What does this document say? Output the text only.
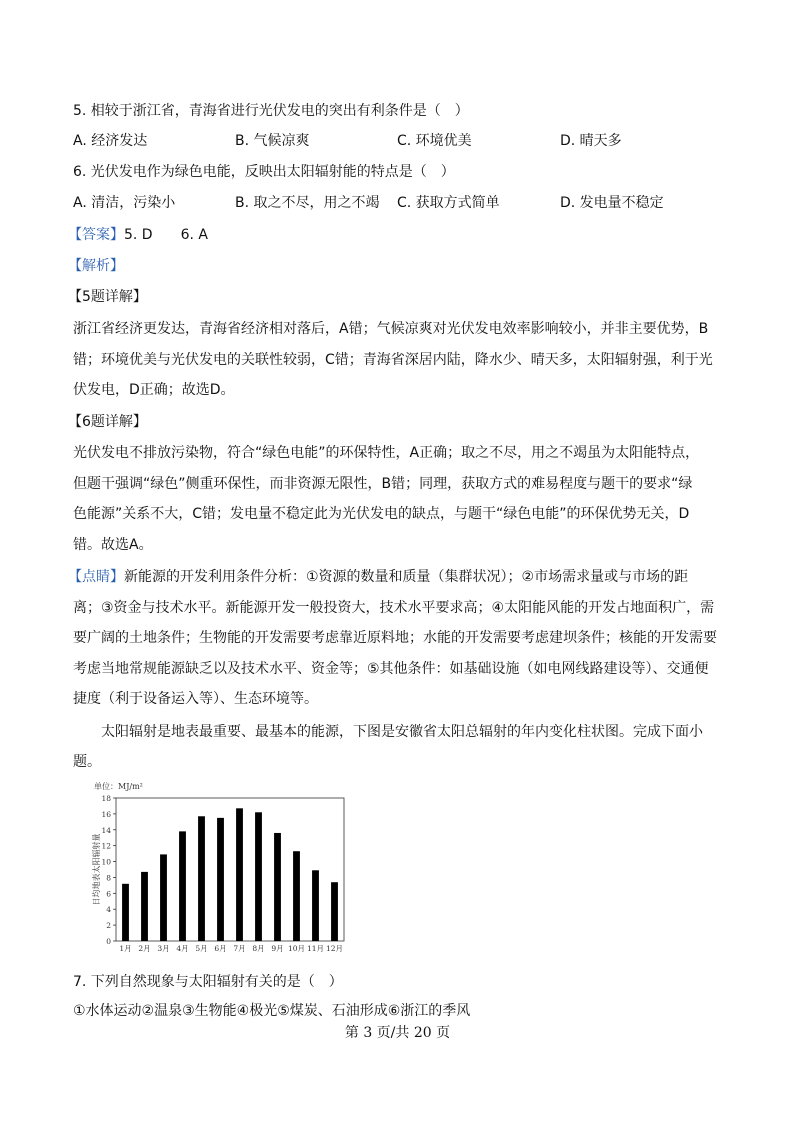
5. 相较于浙江省，青海省进行光伏发电的突出有利条件是（　）
A. 经济发达	B. 气候凉爽	C. 环境优美	D. 晴天多
6. 光伏发电作为绿色电能，反映出太阳辐射能的特点是（　）
A. 清洁，污染小	B. 取之不尽，用之不竭 C. 获取方式简单	D. 发电量不稳定
【答案】5. D　　6. A
【解析】
【5题详解】
浙江省经济更发达，青海省经济相对落后，A错；气候凉爽对光伏发电效率影响较小，并非主要优势，B
错；环境优美与光伏发电的关联性较弱，C错；青海省深居内陆，降水少、晴天多，太阳辐射强，利于光
伏发电，D正确；故选D。
【6题详解】
光伏发电不排放污染物，符合“绿色电能”的环保特性，A正确；取之不尽，用之不竭虽为太阳能特点，
但题干强调“绿色”侧重环保性，而非资源无限性，B错；同理，获取方式的难易程度与题干的要求“绿
色能源”关系不大，C错；发电量不稳定此为光伏发电的缺点，与题干“绿色电能”的环保优势无关，D
错。故选A。
【点睛】新能源的开发利用条件分析：①资源的数量和质量（集群状况）；②市场需求量或与市场的距
离；③资金与技术水平。新能源开发一般投资大，技术水平要求高；④太阳能风能的开发占地面积广，需
要广阔的土地条件；生物能的开发需要考虑靠近原料地；水能的开发需要考虑建坝条件；核能的开发需要
考虑当地常规能源缺乏以及技术水平、资金等；⑤其他条件：如基础设施（如电网线路建设等）、交通便
捷度（利于设备运入等）、生态环境等。
太阳辐射是地表最重要、最基本的能源，下图是安徽省太阳总辐射的年内变化柱状图。完成下面小
题。
单位：MJ/m²
日均地表太阳辐射量
0
2
4
6
8
10
12
14
16
18
1月 2月 3月 4月 5月 6月 7月 8月 9月 10月 11月 12月
7. 下列自然现象与太阳辐射有关的是（　）
①水体运动②温泉③生物能④极光⑤煤炭、石油形成⑥浙江的季风
第 3 页/共 20 页
